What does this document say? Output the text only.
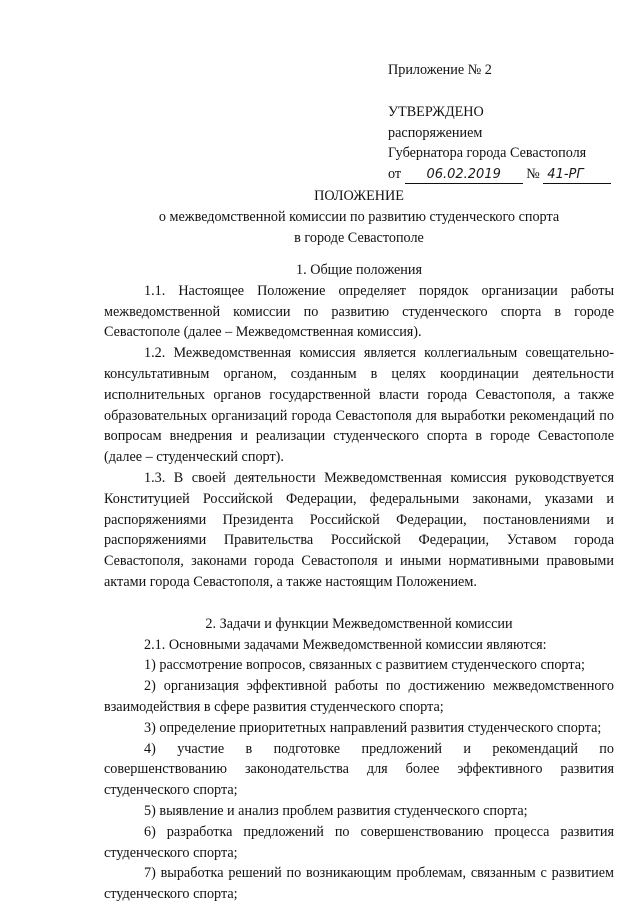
Приложение № 2
УТВЕРЖДЕНО
распоряжением
Губернатора города Севастополя
от 06.02.2019 № 41-РГ
ПОЛОЖЕНИЕ
о межведомственной комиссии по развитию студенческого спорта
в городе Севастополе
1. Общие положения

1.1. Настоящее Положение определяет порядок организации работы межведомственной комиссии по развитию студенческого спорта в городе Севастополе (далее – Межведомственная комиссия).

1.2. Межведомственная комиссия является коллегиальным совещательно-консультативным органом, созданным в целях координации деятельности исполнительных органов государственной власти города Севастополя, а также образовательных организаций города Севастополя для выработки рекомендаций по вопросам внедрения и реализации студенческого спорта в городе Севастополе (далее – студенческий спорт).

1.3. В своей деятельности Межведомственная комиссия руководствуется Конституцией Российской Федерации, федеральными законами, указами и распоряжениями Президента Российской Федерации, постановлениями и распоряжениями Правительства Российской Федерации, Уставом города Севастополя, законами города Севастополя и иными нормативными правовыми актами города Севастополя, а также настоящим Положением.

2. Задачи и функции Межведомственной комиссии

2.1. Основными задачами Межведомственной комиссии являются:

1) рассмотрение вопросов, связанных с развитием студенческого спорта;

2) организация эффективной работы по достижению межведомственного взаимодействия в сфере развития студенческого спорта;

3) определение приоритетных направлений развития студенческого спорта;

4) участие в подготовке предложений и рекомендаций по совершенствованию законодательства для более эффективного развития студенческого спорта;

5) выявление и анализ проблем развития студенческого спорта;

6) разработка предложений по совершенствованию процесса развития студенческого спорта;

7) выработка решений по возникающим проблемам, связанным с развитием студенческого спорта;
